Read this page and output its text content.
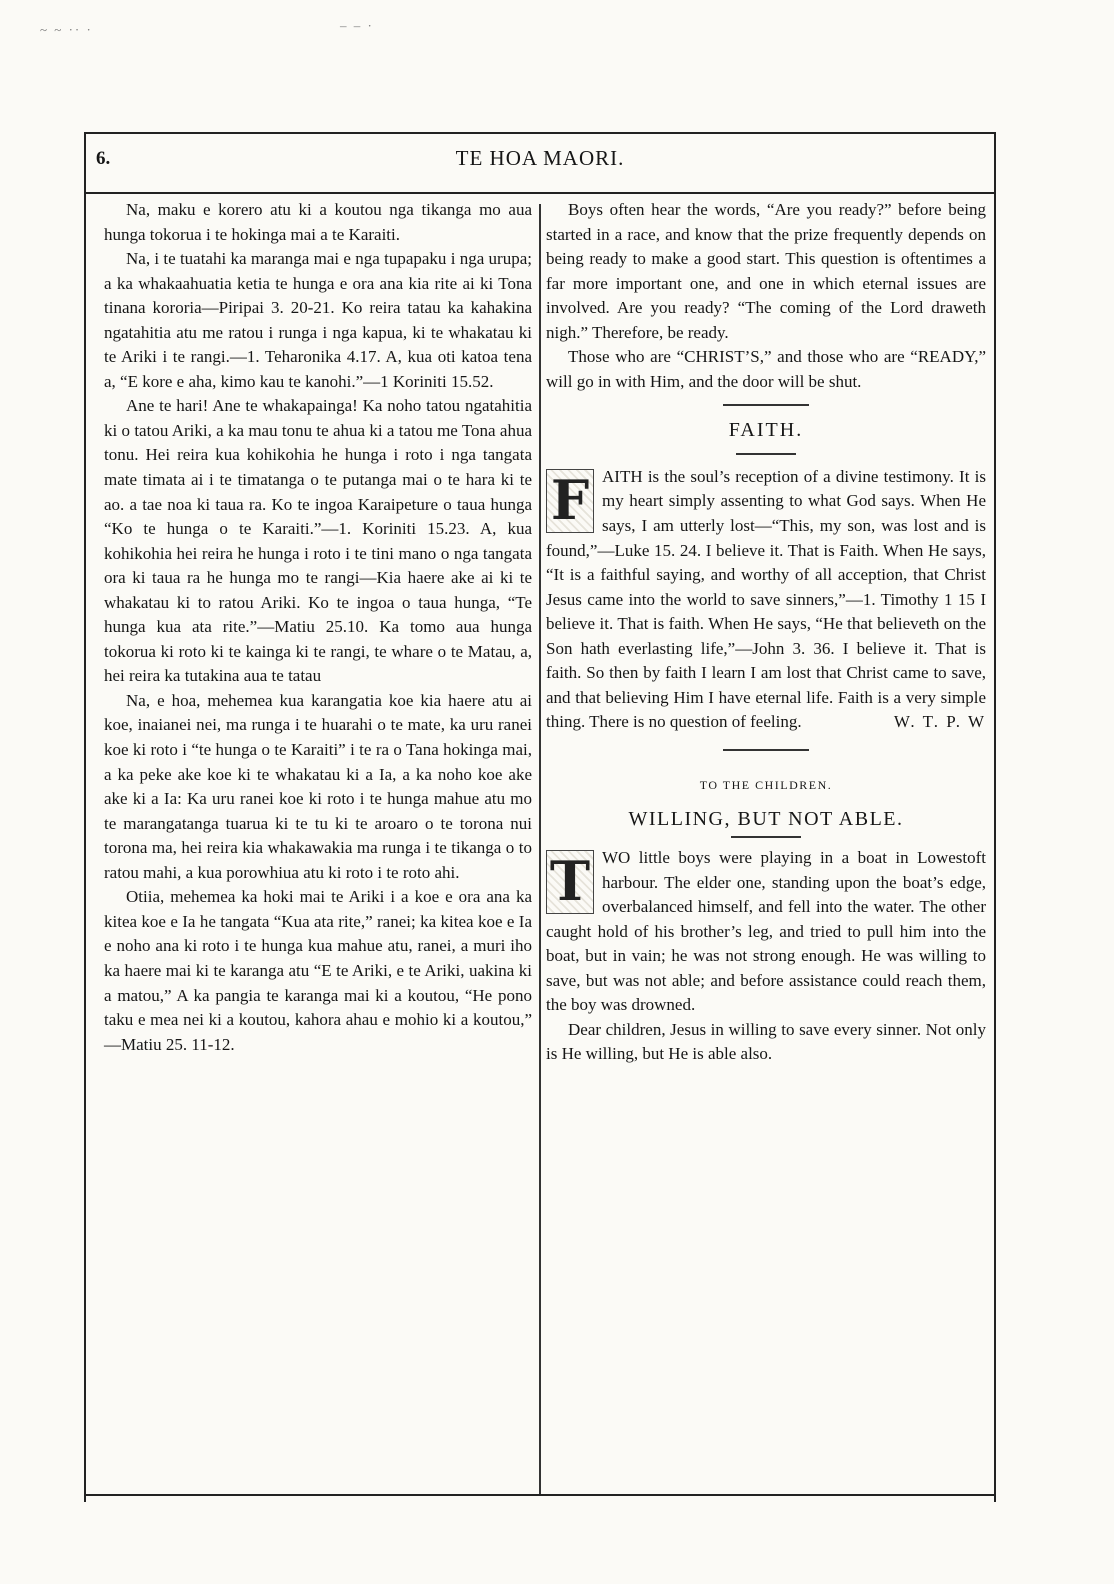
~ ~ ·· ·	– – ·
6.	TE HOA MAORI.

Na, maku e korero atu ki a koutou nga tikanga mo aua hunga tokorua i te hokinga mai a te Karaiti.

Na, i te tuatahi ka maranga mai e nga tupapaku i nga urupa; a ka whakaahuatia ketia te hunga e ora ana kia rite ai ki Tona tinana kororia—Piripai 3. 20-21. Ko reira tatau ka kahakina ngatahitia atu me ratou i runga i nga kapua, ki te whakatau ki te Ariki i te rangi.—1. Teharonika 4.17. A, kua oti katoa tena a, “E kore e aha, kimo kau te kanohi.”—1 Koriniti 15.52.

Ane te hari! Ane te whakapainga! Ka noho tatou ngatahitia ki o tatou Ariki, a ka mau tonu te ahua ki a tatou me Tona ahua tonu. Hei reira kua kohikohia he hunga i roto i nga tangata mate timata ai i te timatanga o te putanga mai o te hara ki te ao. a tae noa ki taua ra. Ko te ingoa Karaipeture o taua hunga “Ko te hunga o te Karaiti.”—1. Koriniti 15.23. A, kua kohikohia hei reira he hunga i roto i te tini mano o nga tangata ora ki taua ra he hunga mo te rangi—Kia haere ake ai ki te whakatau ki to ratou Ariki. Ko te ingoa o taua hunga, “Te hunga kua ata rite.”—Matiu 25.10. Ka tomo aua hunga tokorua ki roto ki te kainga ki te rangi, te whare o te Matau, a, hei reira ka tutakina aua te tatau

Na, e hoa, mehemea kua karangatia koe kia haere atu ai koe, inaianei nei, ma runga i te huarahi o te mate, ka uru ranei koe ki roto i “te hunga o te Karaiti” i te ra o Tana hokinga mai, a ka peke ake koe ki te whakatau ki a Ia, a ka noho koe ake ake ki a Ia: Ka uru ranei koe ki roto i te hunga mahue atu mo te marangatanga tuarua ki te tu ki te aroaro o te torona nui torona ma, hei reira kia whakawakia ma runga i te tikanga o to ratou mahi, a kua porowhiua atu ki roto i te roto ahi.

Otiia, mehemea ka hoki mai te Ariki i a koe e ora ana ka kitea koe e Ia he tangata “Kua ata rite,” ranei; ka kitea koe e Ia e noho ana ki roto i te hunga kua mahue atu, ranei, a muri iho ka haere mai ki te karanga atu “E te Ariki, e te Ariki, uakina ki a matou,” A ka pangia te karanga mai ki a koutou, “He pono taku e mea nei ki a koutou, kahora ahau e mohio ki a koutou,” —Matiu 25. 11-12.

Boys often hear the words, “Are you ready?” before being started in a race, and know that the prize frequently depends on being ready to make a good start. This question is oftentimes a far more important one, and one in which eternal issues are involved. Are you ready? “The coming of the Lord draweth nigh.” Therefore, be ready.

Those who are “CHRIST’S,” and those who are “READY,” will go in with Him, and the door will be shut.

FAITH.

F AITH is the soul’s reception of a divine testimony. It is my heart simply assenting to what God says. When He says, I am utterly lost—“This, my son, was lost and is found,”—Luke 15. 24. I believe it. That is Faith. When He says, “It is a faithful saying, and worthy of all acception, that Christ Jesus came into the world to save sinners,”—1. Timothy 1 15 I believe it. That is faith. When He says, “He that believeth on the Son hath everlasting life,”—John 3. 36. I believe it. That is faith. So then by faith I learn I am lost that Christ came to save, and that believing Him I have eternal life. Faith is a very simple thing. There is no question of feeling.	W. T. P. W

TO THE CHILDREN.
WILLING, BUT NOT ABLE.

T WO little boys were playing in a boat in Lowestoft harbour. The elder one, standing upon the boat’s edge, overbalanced himself, and fell into the water. The other caught hold of his brother’s leg, and tried to pull him into the boat, but in vain; he was not strong enough. He was willing to save, but was not able; and before assistance could reach them, the boy was drowned.

Dear children, Jesus in willing to save every sinner. Not only is He willing, but He is able also.
